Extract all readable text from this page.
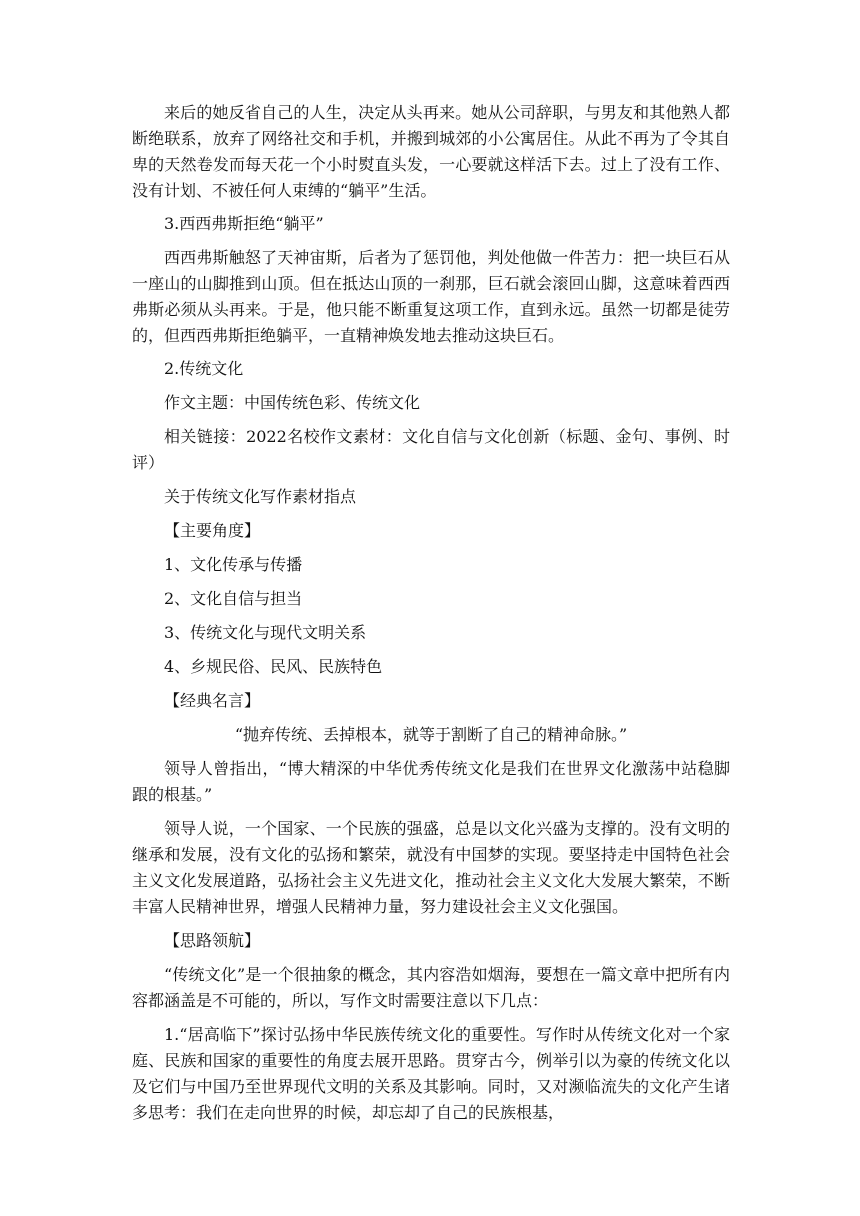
来后的她反省自己的人生，决定从头再来。她从公司辞职，与男友和其他熟人都断绝联系，放弃了网络社交和手机，并搬到城郊的小公寓居住。从此不再为了令其自卑的天然卷发而每天花一个小时熨直头发，一心要就这样活下去。过上了没有工作、没有计划、不被任何人束缚的“躺平”生活。

3.西西弗斯拒绝“躺平”

西西弗斯触怒了天神宙斯，后者为了惩罚他，判处他做一件苦力：把一块巨石从一座山的山脚推到山顶。但在抵达山顶的一刹那，巨石就会滚回山脚，这意味着西西弗斯必须从头再来。于是，他只能不断重复这项工作，直到永远。虽然一切都是徒劳的，但西西弗斯拒绝躺平，一直精神焕发地去推动这块巨石。

2.传统文化

作文主题：中国传统色彩、传统文化

相关链接：2022名校作文素材：文化自信与文化创新（标题、金句、事例、时评）

关于传统文化写作素材指点

【主要角度】

1、文化传承与传播

2、文化自信与担当

3、传统文化与现代文明关系

4、乡规民俗、民风、民族特色

【经典名言】

“抛弃传统、丢掉根本，就等于割断了自己的精神命脉。”

领导人曾指出，“博大精深的中华优秀传统文化是我们在世界文化激荡中站稳脚跟的根基。”

领导人说，一个国家、一个民族的强盛，总是以文化兴盛为支撑的。没有文明的继承和发展，没有文化的弘扬和繁荣，就没有中国梦的实现。要坚持走中国特色社会主义文化发展道路，弘扬社会主义先进文化，推动社会主义文化大发展大繁荣，不断丰富人民精神世界，增强人民精神力量，努力建设社会主义文化强国。

【思路领航】

“传统文化”是一个很抽象的概念，其内容浩如烟海，要想在一篇文章中把所有内容都涵盖是不可能的，所以，写作文时需要注意以下几点：

1.“居高临下”探讨弘扬中华民族传统文化的重要性。写作时从传统文化对一个家庭、民族和国家的重要性的角度去展开思路。贯穿古今，例举引以为豪的传统文化以及它们与中国乃至世界现代文明的关系及其影响。同时，又对濒临流失的文化产生诸多思考：我们在走向世界的时候，却忘却了自己的民族根基，
